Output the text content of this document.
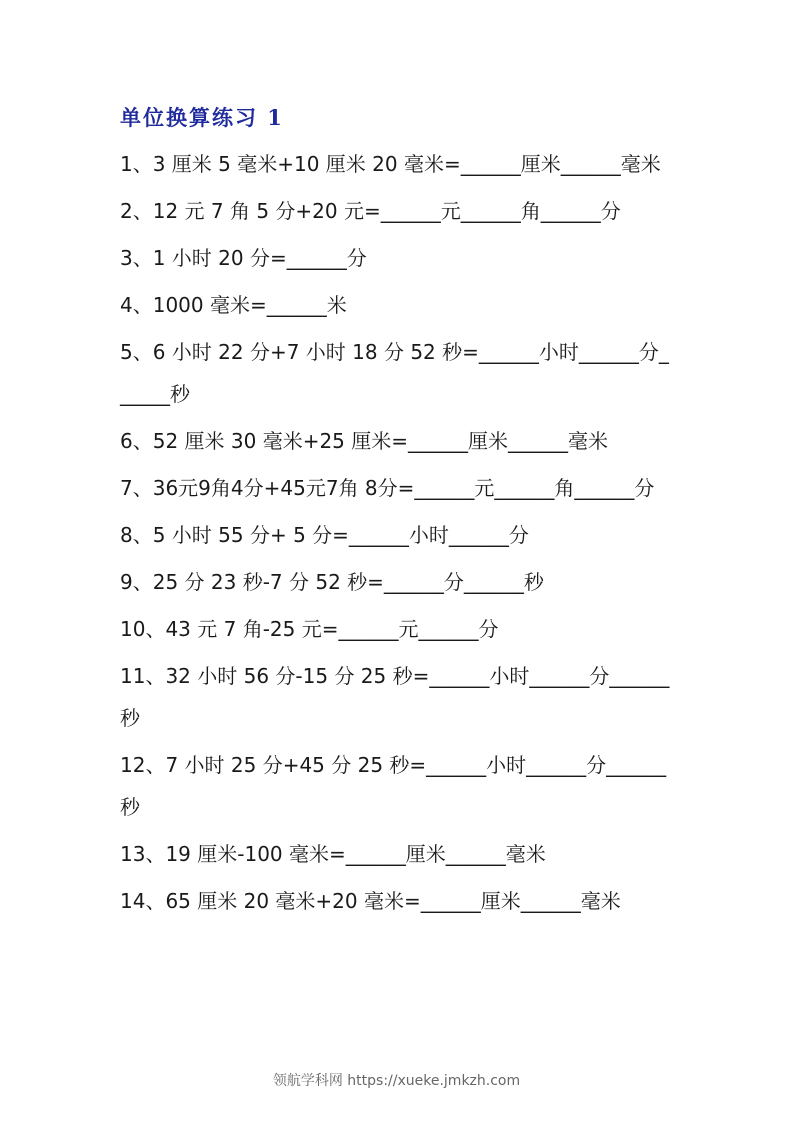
单位换算练习 1

1、3 厘米 5 毫米+10 厘米 20 毫米=______厘米______毫米

2、12 元 7 角 5 分+20 元=______元______角______分

3、1 小时 20 分=______分

4、1000 毫米=______米

5、6 小时 22 分+7 小时 18 分 52 秒=______小时______分______秒

6、52 厘米 30 毫米+25 厘米=______厘米______毫米

7、36元9角4分+45元7角 8分=______元______角______分

8、5 小时 55 分+ 5 分=______小时______分

9、25 分 23 秒-7 分 52 秒=______分______秒

10、43 元 7 角-25 元=______元______分

11、32 小时 56 分-15 分 25 秒=______小时______分______秒

12、7 小时 25 分+45 分 25 秒=______小时______分______秒

13、19 厘米-100 毫米=______厘米______毫米

14、65 厘米 20 毫米+20 毫米=______厘米______毫米

领航学科网 https://xueke.jmkzh.com
